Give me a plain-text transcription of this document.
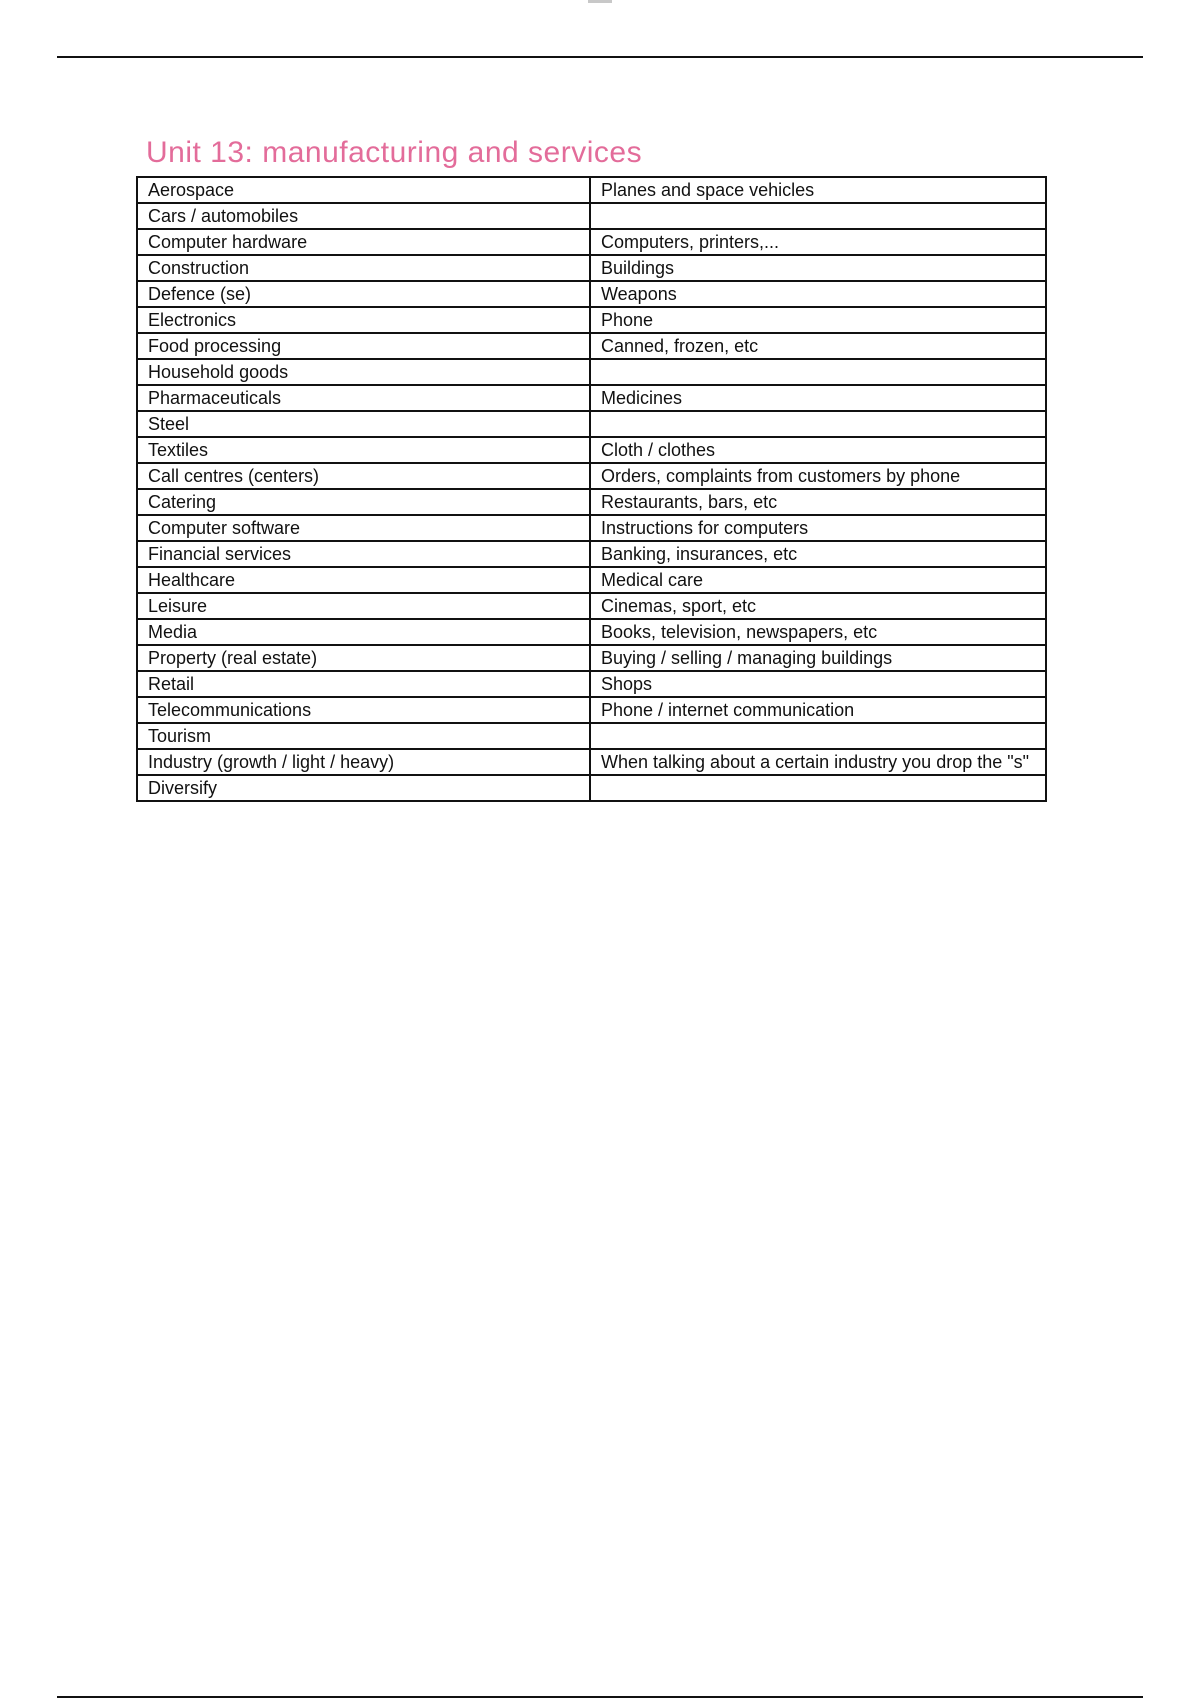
Unit 13: manufacturing and services
Aerospace	Planes and space vehicles
Cars / automobiles	
Computer hardware	Computers, printers,...
Construction	Buildings
Defence (se)	Weapons
Electronics	Phone
Food processing	Canned, frozen, etc
Household goods	
Pharmaceuticals	Medicines
Steel	
Textiles	Cloth / clothes
Call centres (centers)	Orders, complaints from customers by phone
Catering	Restaurants, bars, etc
Computer software	Instructions for computers
Financial services	Banking, insurances, etc
Healthcare	Medical care
Leisure	Cinemas, sport, etc
Media	Books, television, newspapers, etc
Property (real estate)	Buying / selling / managing buildings
Retail	Shops
Telecommunications	Phone / internet communication
Tourism	
Industry (growth / light / heavy)	When talking about a certain industry you drop the "s"
Diversify	
